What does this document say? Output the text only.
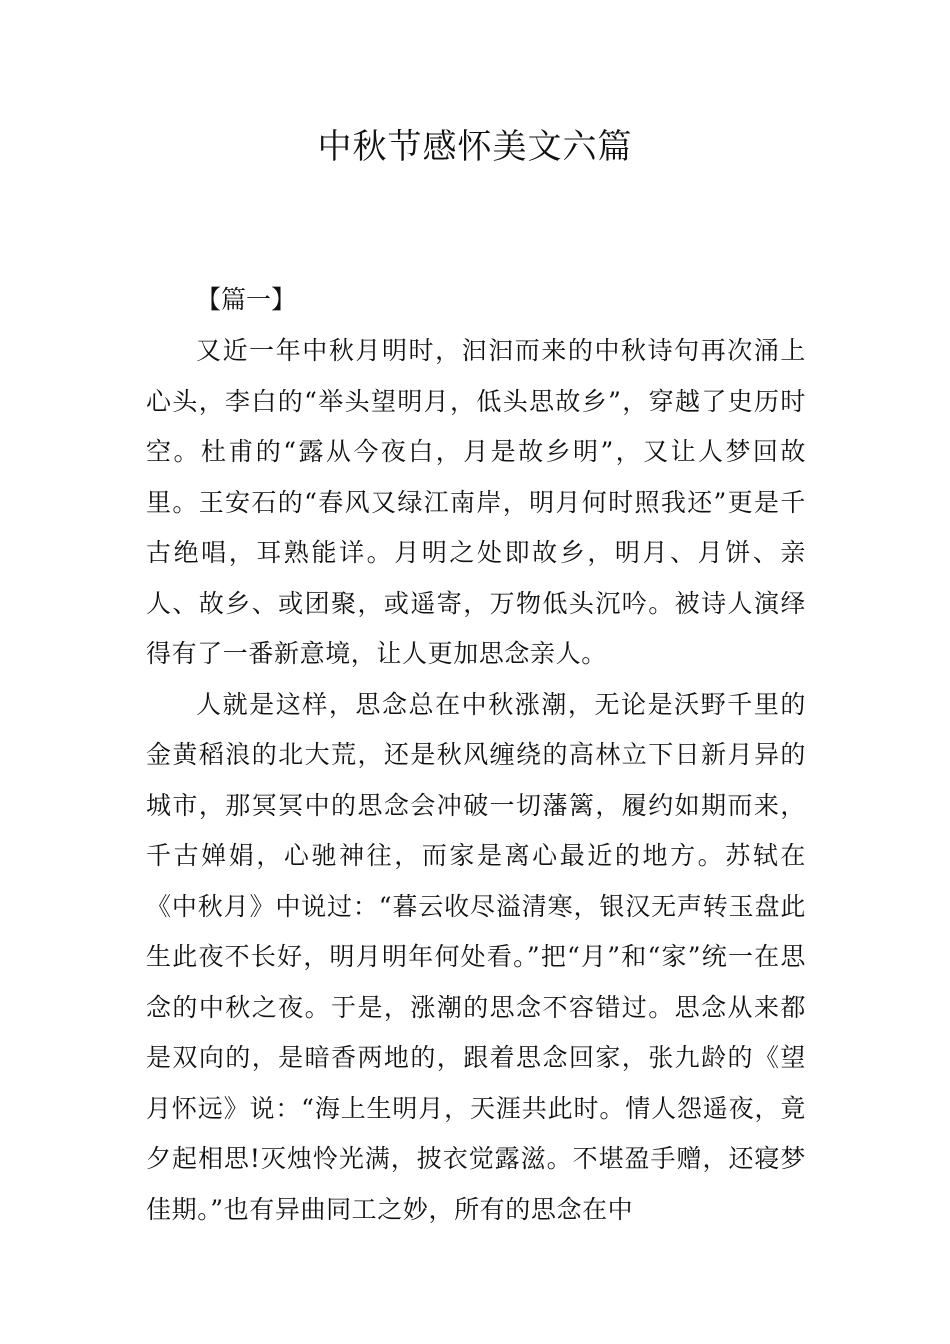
中秋节感怀美文六篇
【篇一】

又近一年中秋月明时，汩汩而来的中秋诗句再次涌上心头，李白的“举头望明月，低头思故乡”，穿越了史历时空。杜甫的“露从今夜白，月是故乡明”，又让人梦回故里。王安石的“春风又绿江南岸，明月何时照我还”更是千古绝唱，耳熟能详。月明之处即故乡，明月、月饼、亲人、故乡、或团聚，或遥寄，万物低头沉吟。被诗人演绎得有了一番新意境，让人更加思念亲人。

人就是这样，思念总在中秋涨潮，无论是沃野千里的金黄稻浪的北大荒，还是秋风缠绕的高林立下日新月异的城市，那冥冥中的思念会冲破一切藩篱，履约如期而来，千古婵娟，心驰神往，而家是离心最近的地方。苏轼在《中秋月》中说过：“暮云收尽溢清寒，银汉无声转玉盘此生此夜不长好，明月明年何处看。”把“月”和“家”统一在思念的中秋之夜。于是，涨潮的思念不容错过。思念从来都是双向的，是暗香两地的，跟着思念回家，张九龄的《望月怀远》说：“海上生明月，天涯共此时。情人怨遥夜，竟夕起相思!灭烛怜光满，披衣觉露滋。不堪盈手赠，还寝梦佳期。”也有异曲同工之妙，所有的思念在中
